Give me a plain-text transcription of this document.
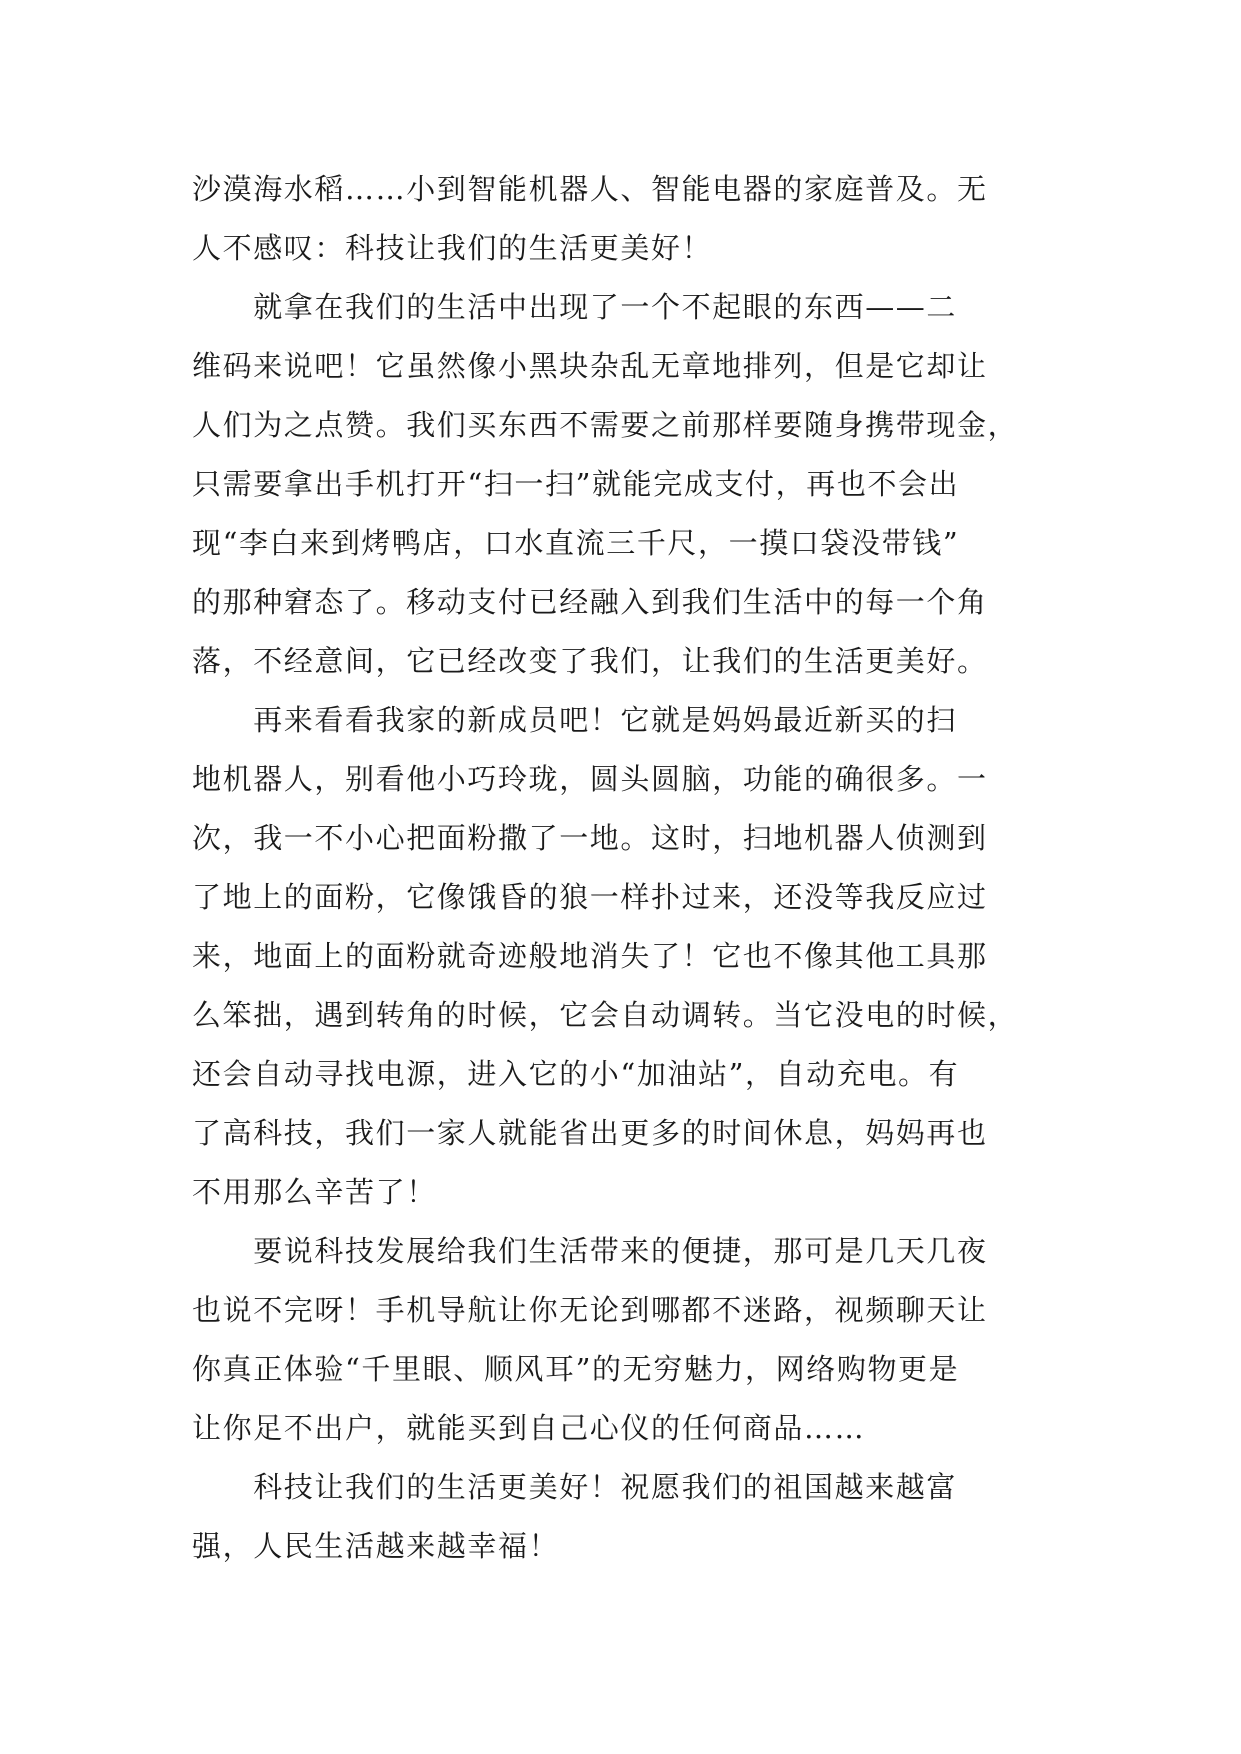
沙漠海水稻……小到智能机器人、智能电器的家庭普及。无
人不感叹：科技让我们的生活更美好！
　　就拿在我们的生活中出现了一个不起眼的东西——二
维码来说吧！它虽然像小黑块杂乱无章地排列，但是它却让
人们为之点赞。我们买东西不需要之前那样要随身携带现金，
只需要拿出手机打开“扫一扫”就能完成支付，再也不会出
现“李白来到烤鸭店，口水直流三千尺，一摸口袋没带钱”
的那种窘态了。移动支付已经融入到我们生活中的每一个角
落，不经意间，它已经改变了我们，让我们的生活更美好。
　　再来看看我家的新成员吧！它就是妈妈最近新买的扫
地机器人，别看他小巧玲珑，圆头圆脑，功能的确很多。一
次，我一不小心把面粉撒了一地。这时，扫地机器人侦测到
了地上的面粉，它像饿昏的狼一样扑过来，还没等我反应过
来，地面上的面粉就奇迹般地消失了！它也不像其他工具那
么笨拙，遇到转角的时候，它会自动调转。当它没电的时候，
还会自动寻找电源，进入它的小“加油站”，自动充电。有
了高科技，我们一家人就能省出更多的时间休息，妈妈再也
不用那么辛苦了！
　　要说科技发展给我们生活带来的便捷，那可是几天几夜
也说不完呀！手机导航让你无论到哪都不迷路，视频聊天让
你真正体验“千里眼、顺风耳”的无穷魅力，网络购物更是
让你足不出户，就能买到自己心仪的任何商品……
　　科技让我们的生活更美好！祝愿我们的祖国越来越富
强，人民生活越来越幸福！
